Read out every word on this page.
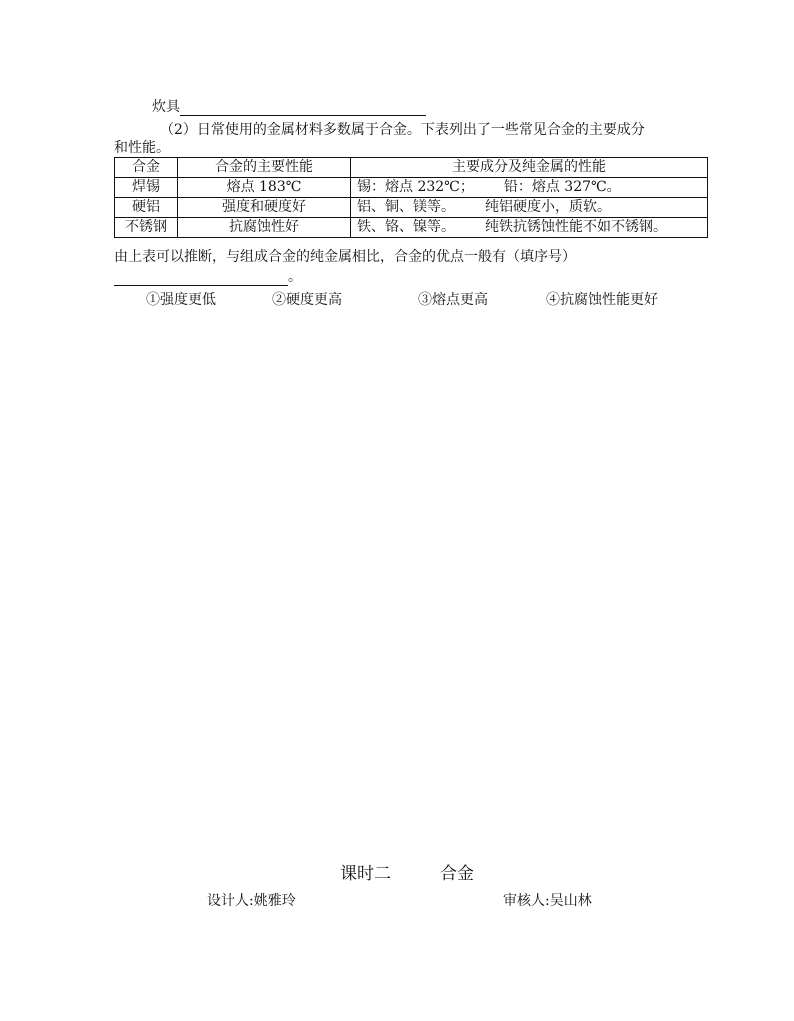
炊具
（2）日常使用的金属材料多数属于合金。下表列出了一些常见合金的主要成分
和性能。
合金	合金的主要性能	主要成分及纯金属的性能
焊锡	熔点 183℃	锡：熔点 232℃； 铅：熔点 327℃。
硬铝	强度和硬度好	铝、铜、镁等。 纯铝硬度小，质软。
不锈钢	抗腐蚀性好	铁、铬、镍等。 纯铁抗锈蚀性能不如不锈钢。
由上表可以推断，与组成合金的纯金属相比，合金的优点一般有（填序号）
。
①强度更低	②硬度更高	③熔点更高	④抗腐蚀性能更好
课时二	合金
设计人:姚雅玲	审核人:吴山林
